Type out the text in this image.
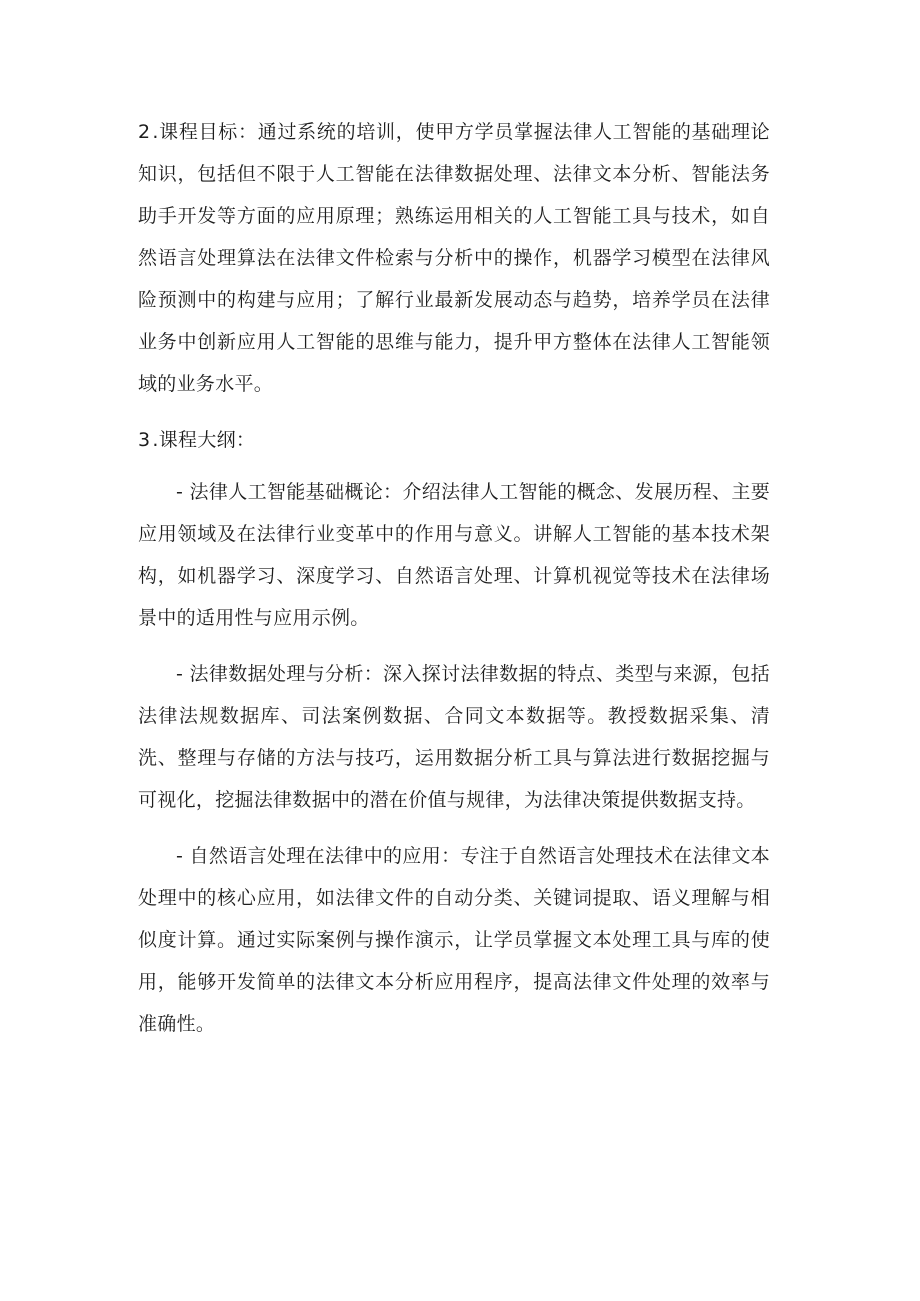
2 .课程目标：通过系统的培训，使甲方学员掌握法律人工智能的基础理论知识，包括但不限于人工智能在法律数据处理、法律文本分析、智能法务助手开发等方面的应用原理；熟练运用相关的人工智能工具与技术，如自然语言处理算法在法律文件检索与分析中的操作，机器学习模型在法律风险预测中的构建与应用；了解行业最新发展动态与趋势，培养学员在法律业务中创新应用人工智能的思维与能力，提升甲方整体在法律人工智能领域的业务水平。

3 .课程大纲：

- 法律人工智能基础概论：介绍法律人工智能的概念、发展历程、主要应用领域及在法律行业变革中的作用与意义。讲解人工智能的基本技术架构，如机器学习、深度学习、自然语言处理、计算机视觉等技术在法律场景中的适用性与应用示例。

- 法律数据处理与分析：深入探讨法律数据的特点、类型与来源，包括法律法规数据库、司法案例数据、合同文本数据等。教授数据采集、清洗、整理与存储的方法与技巧，运用数据分析工具与算法进行数据挖掘与可视化，挖掘法律数据中的潜在价值与规律，为法律决策提供数据支持。

- 自然语言处理在法律中的应用：专注于自然语言处理技术在法律文本处理中的核心应用，如法律文件的自动分类、关键词提取、语义理解与相似度计算。通过实际案例与操作演示，让学员掌握文本处理工具与库的使用，能够开发简单的法律文本分析应用程序，提高法律文件处理的效率与准确性。
